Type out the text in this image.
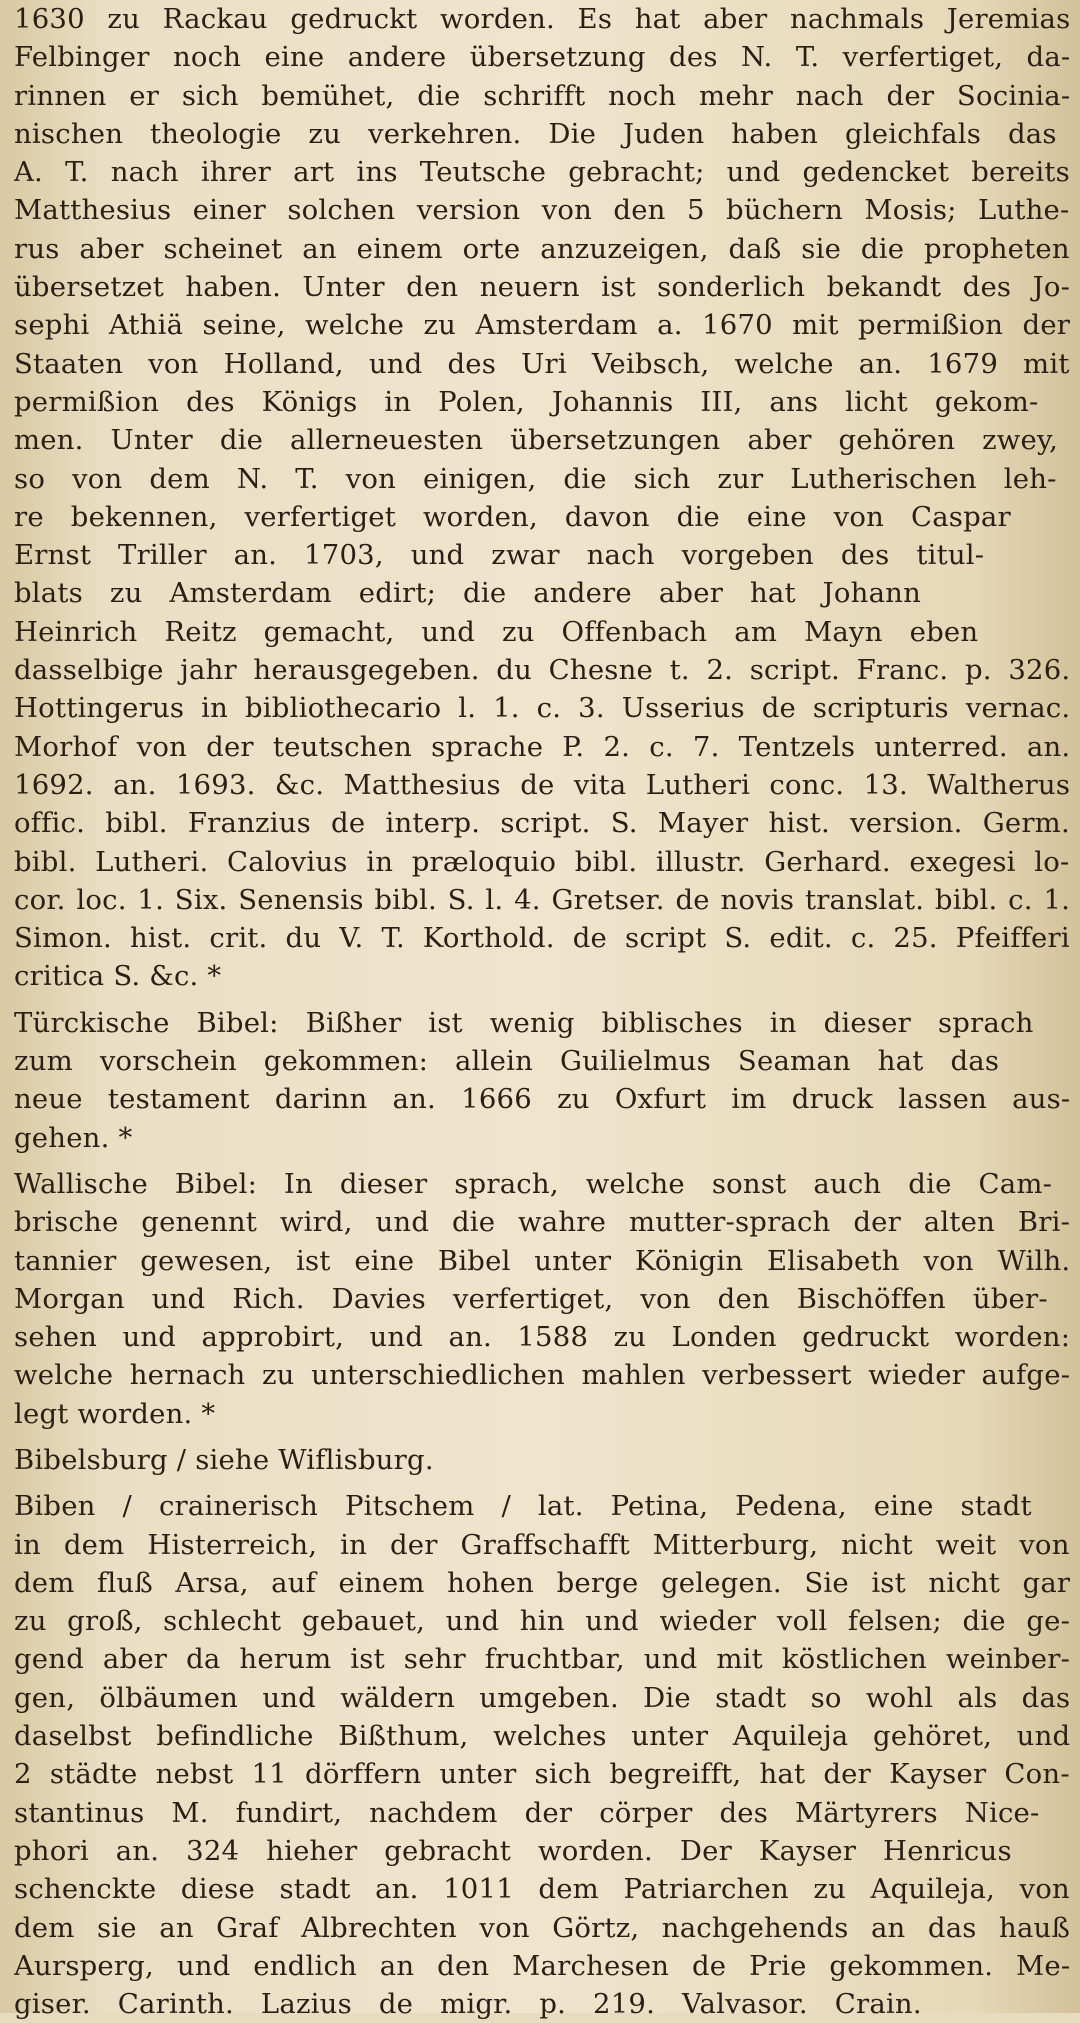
1630 zu Rackau gedruckt worden. Es hat aber nachmals Jeremias
Felbinger noch eine andere übersetzung des N. T. verfertiget, da-
rinnen er sich bemühet, die schrifft noch mehr nach der Socinia-
nischen theologie zu verkehren. Die Juden haben gleichfals das
A. T. nach ihrer art ins Teutsche gebracht; und gedencket bereits
Matthesius einer solchen version von den 5 büchern Mosis; Luthe-
rus aber scheinet an einem orte anzuzeigen, daß sie die propheten
übersetzet haben. Unter den neuern ist sonderlich bekandt des Jo-
sephi Athiä seine, welche zu Amsterdam a. 1670 mit permißion der
Staaten von Holland, und des Uri Veibsch, welche an. 1679 mit
permißion des Königs in Polen, Johannis III, ans licht gekom-
men. Unter die allerneuesten übersetzungen aber gehören zwey,
so von dem N. T. von einigen, die sich zur Lutherischen leh-
re bekennen, verfertiget worden, davon die eine von Caspar
Ernst Triller an. 1703, und zwar nach vorgeben des titul-
blats zu Amsterdam edirt; die andere aber hat Johann
Heinrich Reitz gemacht, und zu Offenbach am Mayn eben
dasselbige jahr herausgegeben. du Chesne t. 2. script. Franc. p. 326.
Hottingerus in bibliothecario l. 1. c. 3. Usserius de scripturis vernac.
Morhof von der teutschen sprache P. 2. c. 7. Tentzels unterred. an.
1692. an. 1693. &c. Matthesius de vita Lutheri conc. 13. Waltherus
offic. bibl. Franzius de interp. script. S. Mayer hist. version. Germ.
bibl. Lutheri. Calovius in præloquio bibl. illustr. Gerhard. exegesi lo-
cor. loc. 1. Six. Senensis bibl. S. l. 4. Gretser. de novis translat. bibl. c. 1.
Simon. hist. crit. du V. T. Korthold. de script S. edit. c. 25. Pfeifferi
critica S. &c. *
Türckische Bibel: Bißher ist wenig biblisches in dieser sprach
zum vorschein gekommen: allein Guilielmus Seaman hat das
neue testament darinn an. 1666 zu Oxfurt im druck lassen aus-
gehen. *
Wallische Bibel: In dieser sprach, welche sonst auch die Cam-
brische genennt wird, und die wahre mutter-sprach der alten Bri-
tannier gewesen, ist eine Bibel unter Königin Elisabeth von Wilh.
Morgan und Rich. Davies verfertiget, von den Bischöffen über-
sehen und approbirt, und an. 1588 zu Londen gedruckt worden:
welche hernach zu unterschiedlichen mahlen verbessert wieder aufge-
legt worden. *
Bibelsburg / siehe Wiflisburg.
Biben / crainerisch Pitschem / lat. Petina, Pedena, eine stadt
in dem Histerreich, in der Graffschafft Mitterburg, nicht weit von
dem fluß Arsa, auf einem hohen berge gelegen. Sie ist nicht gar
zu groß, schlecht gebauet, und hin und wieder voll felsen; die ge-
gend aber da herum ist sehr fruchtbar, und mit köstlichen weinber-
gen, ölbäumen und wäldern umgeben. Die stadt so wohl als das
daselbst befindliche Bißthum, welches unter Aquileja gehöret, und
2 städte nebst 11 dörffern unter sich begreifft, hat der Kayser Con-
stantinus M. fundirt, nachdem der cörper des Märtyrers Nice-
phori an. 324 hieher gebracht worden. Der Kayser Henricus
schenckte diese stadt an. 1011 dem Patriarchen zu Aquileja, von
dem sie an Graf Albrechten von Görtz, nachgehends an das hauß
Aursperg, und endlich an den Marchesen de Prie gekommen. Me-
giser. Carinth. Lazius de migr. p. 219. Valvasor. Crain.
